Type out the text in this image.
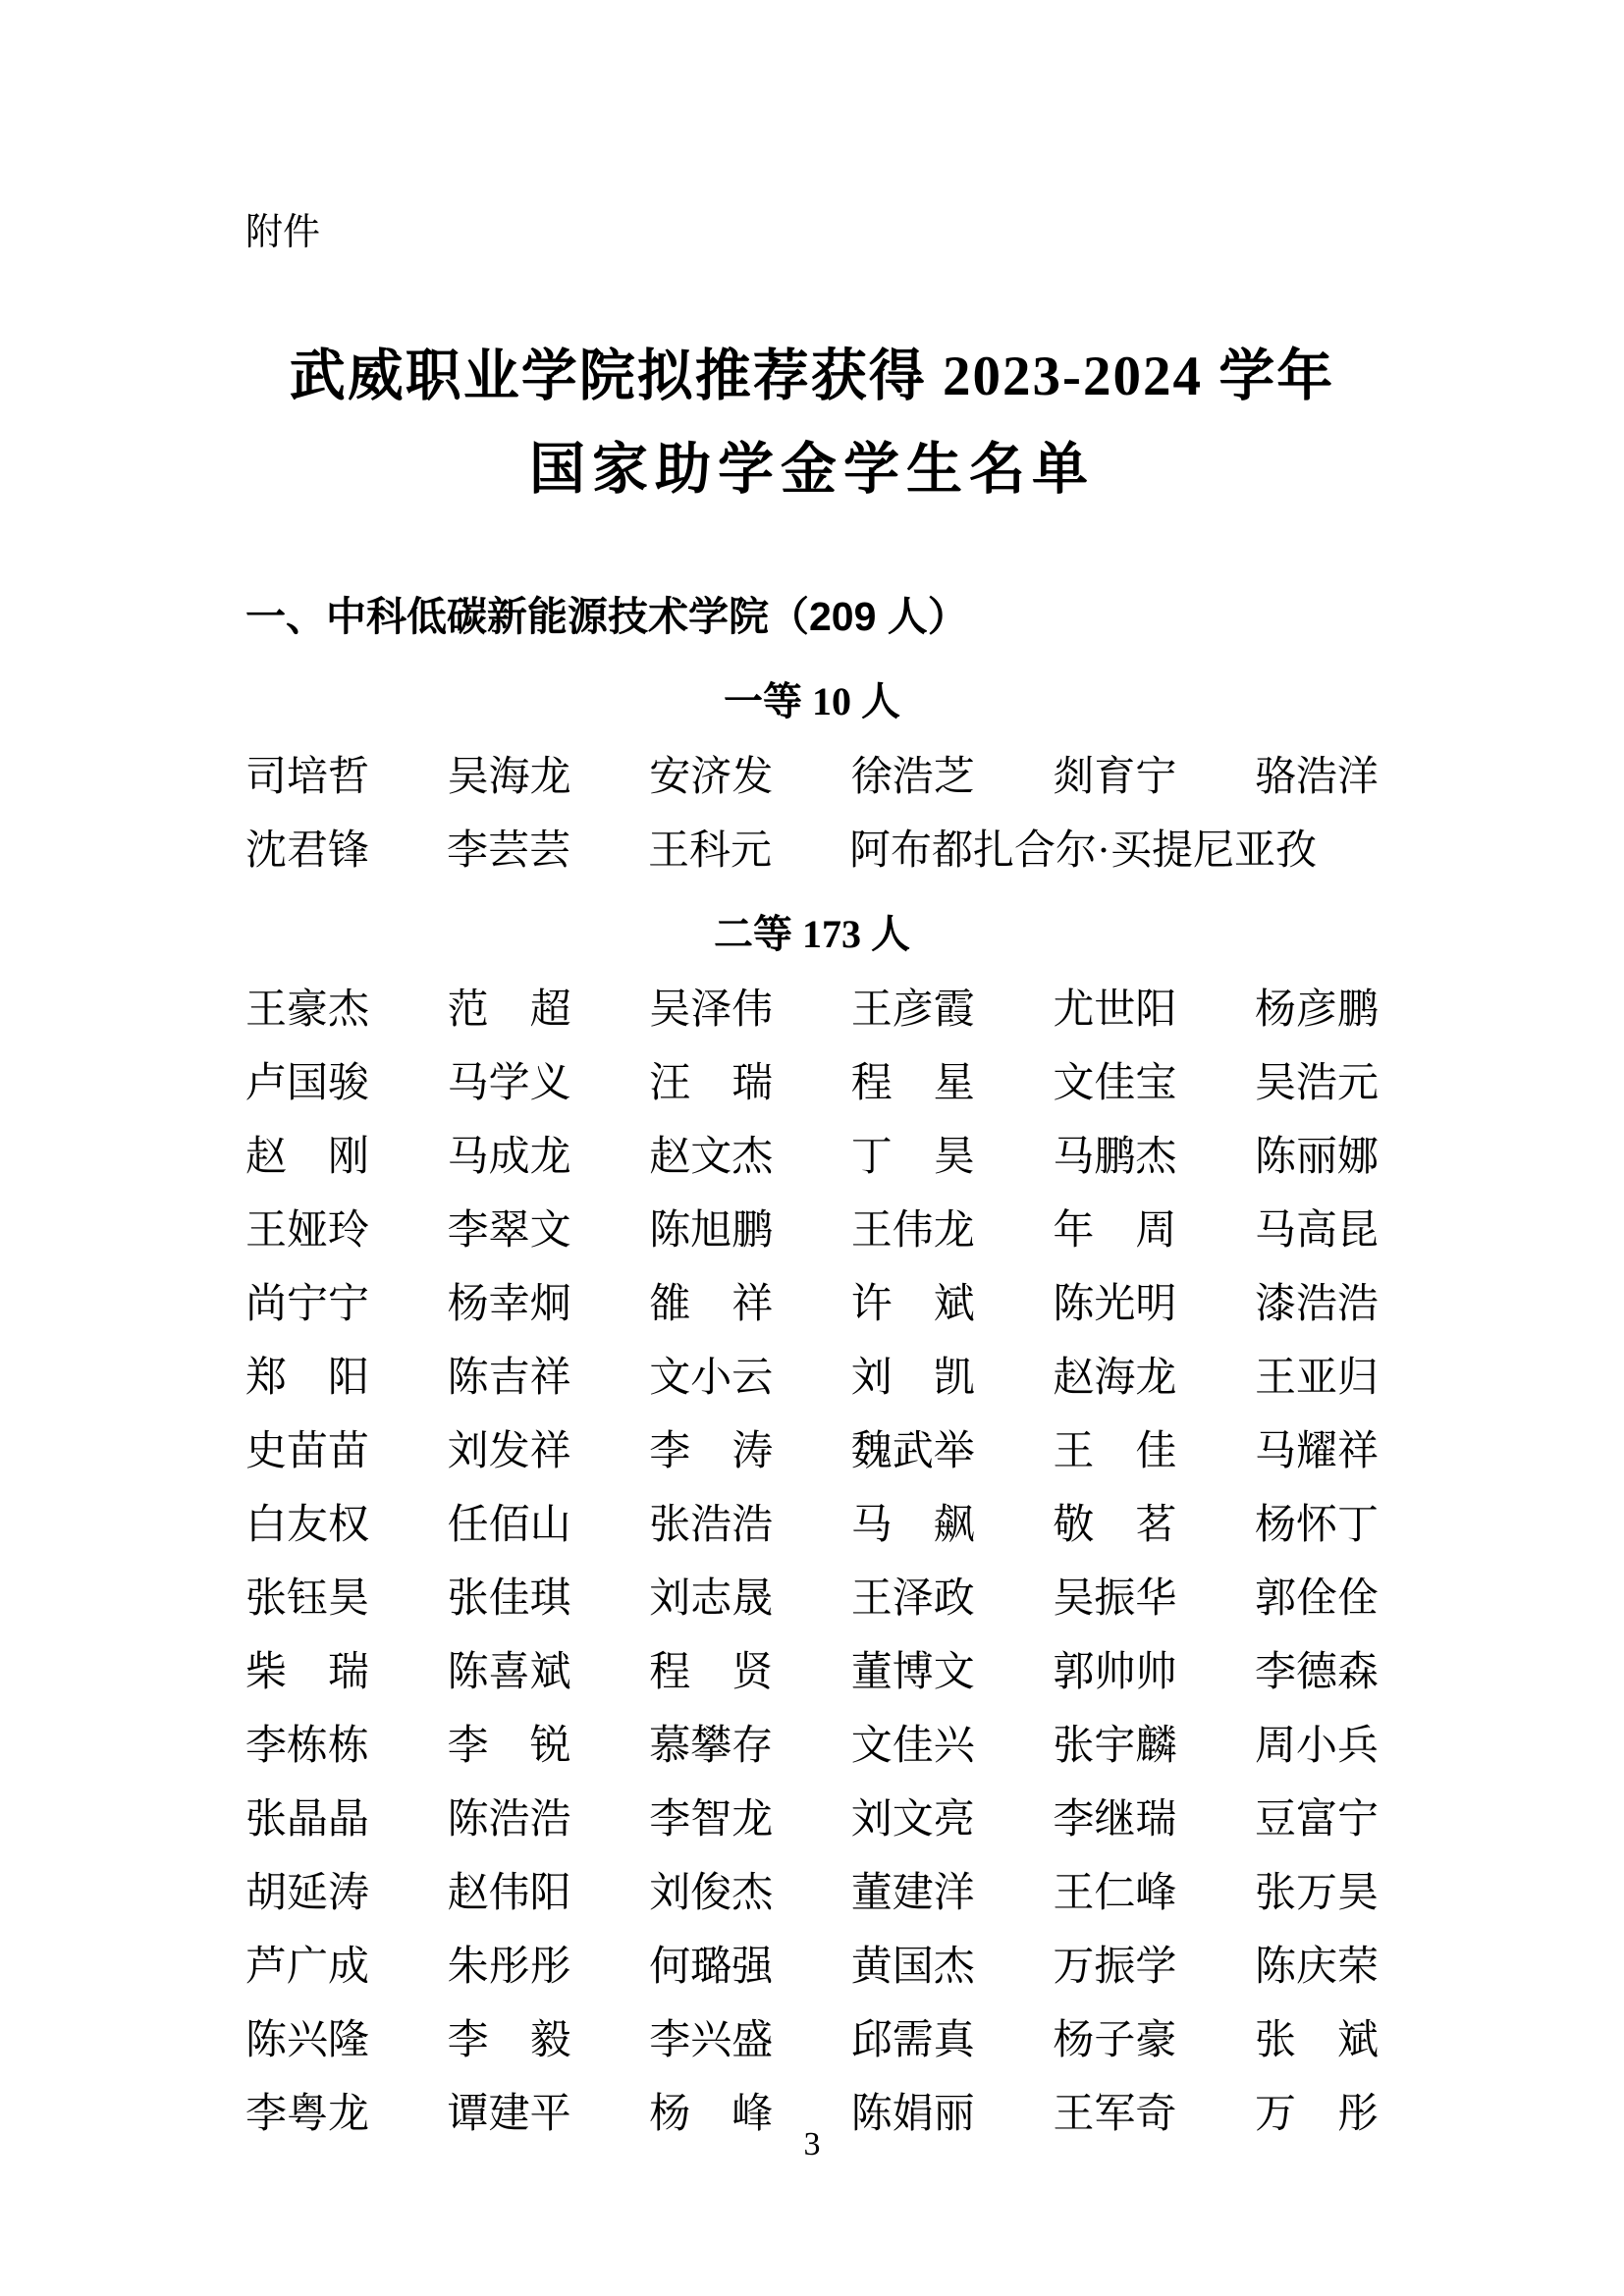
附件
武威职业学院拟推荐获得 2023-2024 学年
国家助学金学生名单
一、中科低碳新能源技术学院（209 人）
一等 10 人
司培哲 吴海龙 安济发 徐浩芝 剡育宁 骆浩洋
沈君锋 李芸芸 王科元 阿布都扎合尔·买提尼亚孜
二等 173 人
王豪杰 范　超 吴泽伟 王彦霞 尤世阳 杨彦鹏
卢国骏 马学义 汪　瑞 程　星 文佳宝 吴浩元
赵　刚 马成龙 赵文杰 丁　昊 马鹏杰 陈丽娜
王娅玲 李翠文 陈旭鹏 王伟龙 年　周 马高昆
尚宁宁 杨幸炯 雒　祥 许　斌 陈光明 漆浩浩
郑　阳 陈吉祥 文小云 刘　凯 赵海龙 王亚归
史苗苗 刘发祥 李　涛 魏武举 王　佳 马耀祥
白友权 任佰山 张浩浩 马　飙 敬　茗 杨怀丁
张钰昊 张佳琪 刘志晟 王泽政 吴振华 郭佺佺
柴　瑞 陈喜斌 程　贤 董博文 郭帅帅 李德森
李栋栋 李　锐 慕攀存 文佳兴 张宇麟 周小兵
张晶晶 陈浩浩 李智龙 刘文亮 李继瑞 豆富宁
胡延涛 赵伟阳 刘俊杰 董建洋 王仁峰 张万昊
芦广成 朱彤彤 何璐强 黄国杰 万振学 陈庆荣
陈兴隆 李　毅 李兴盛 邱需真 杨子豪 张　斌
李粤龙 谭建平 杨　峰 陈娟丽 王军奇 万　彤
3
